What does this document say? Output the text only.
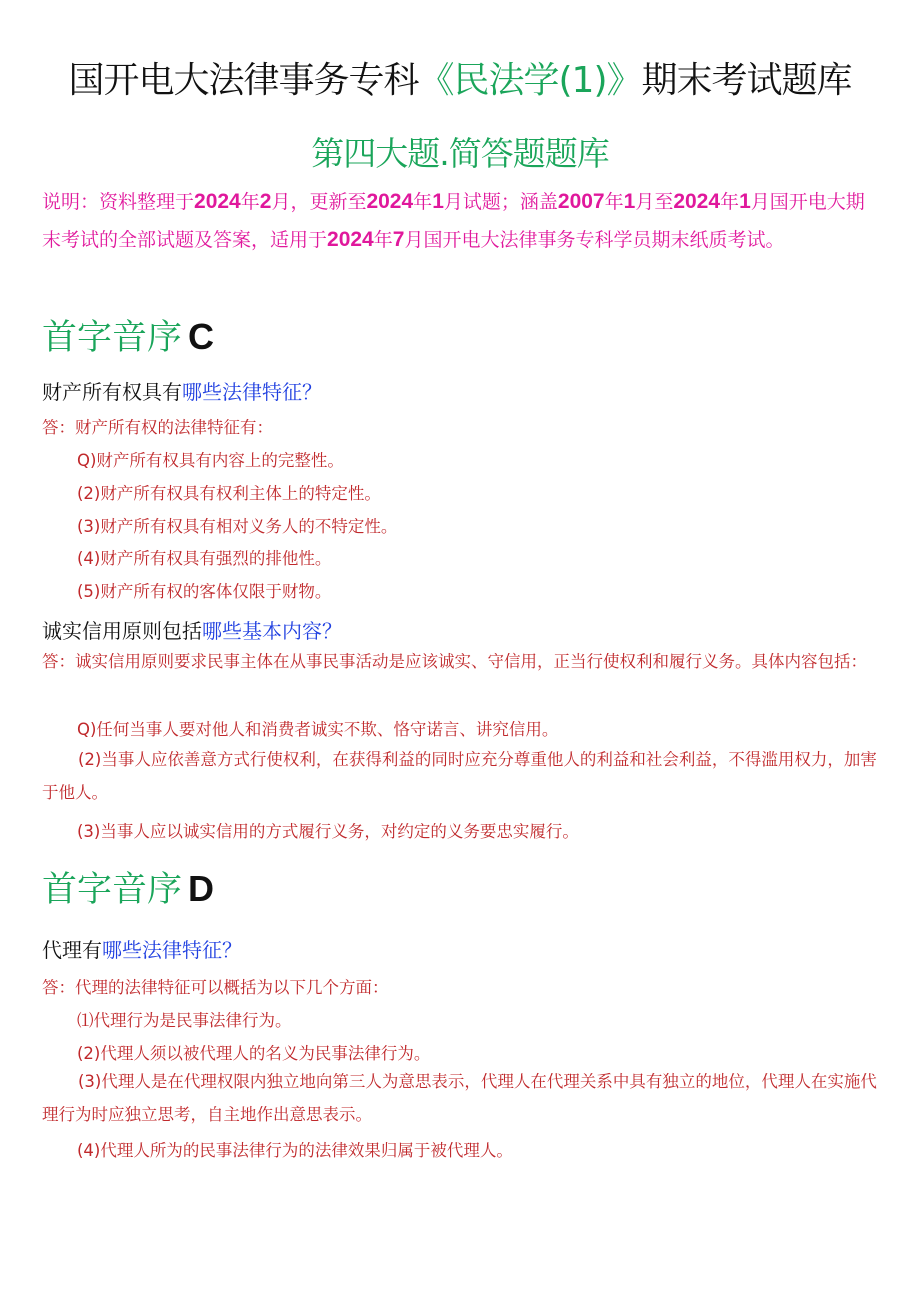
国开电大法律事务专科《民法学(1)》期末考试题库
第四大题.简答题题库
说明：资料整理于2024年2月，更新至2024年1月试题；涵盖2007年1月至2024年1月国开电大期末考试的全部试题及答案，适用于2024年7月国开电大法律事务专科学员期末纸质考试。
首字音序 C
财产所有权具有哪些法律特征？
答：财产所有权的法律特征有：
Q)财产所有权具有内容上的完整性。
(2)财产所有权具有权利主体上的特定性。
(3)财产所有权具有相对义务人的不特定性。
(4)财产所有权具有强烈的排他性。
(5)财产所有权的客体仅限于财物。
诚实信用原则包括哪些基本内容？
答：诚实信用原则要求民事主体在从事民事活动是应该诚实、守信用，正当行使权利和履行义务。具体内容包括：
Q)任何当事人要对他人和消费者诚实不欺、恪守诺言、讲究信用。
(2)当事人应依善意方式行使权利，在获得利益的同时应充分尊重他人的利益和社会利益，不得滥用权力，加害于他人。
(3)当事人应以诚实信用的方式履行义务，对约定的义务要忠实履行。
首字音序 D
代理有哪些法律特征？
答：代理的法律特征可以概括为以下几个方面：
⑴代理行为是民事法律行为。
(2)代理人须以被代理人的名义为民事法律行为。
(3)代理人是在代理权限内独立地向第三人为意思表示，代理人在代理关系中具有独立的地位，代理人在实施代理行为时应独立思考，自主地作出意思表示。
(4)代理人所为的民事法律行为的法律效果归属于被代理人。
